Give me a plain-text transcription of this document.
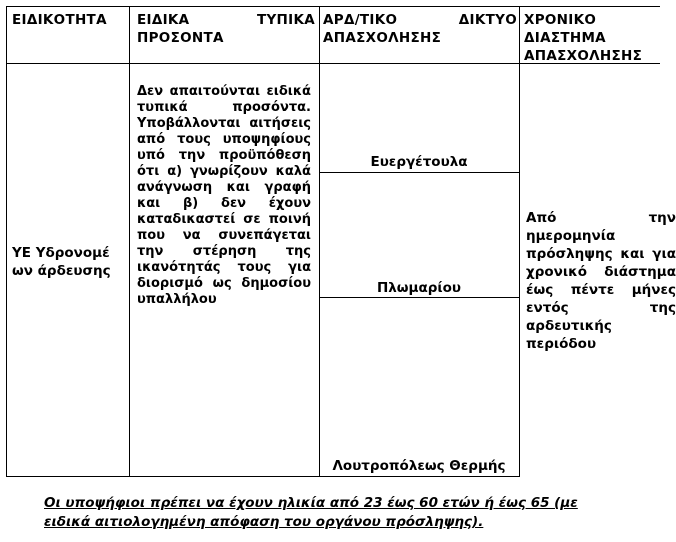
ΕΙΔΙΚΟΤΗΤΑ	ΕΙΔΙΚΑ ΤΥΠΙΚΑ ΠΡΟΣΟΝΤΑ
ΑΡΔ/ΤΙΚΟ ΔΙΚΤΥΟ ΑΠΑΣΧΟΛΗΣΗΣ
ΧΡΟΝΙΚΟ ΔΙΑΣΤΗΜΑ ΑΠΑΣΧΟΛΗΣΗΣ
ΥΕ Υδρονομέων άρδευσης
Δεν απαιτούνται ειδικά τυπικά προσόντα. Υποβάλλονται αιτήσεις από τους υποψηφίους υπό την προϋπόθεση ότι α) γνωρίζουν καλά ανάγνωση και γραφή και β) δεν έχουν καταδικαστεί σε ποινή που να συνεπάγεται την στέρηση της ικανότητάς τους για διορισμό ως δημοσίου υπαλλήλου
Ευεργέτουλα
Πλωμαρίου
Λουτροπόλεως Θερμής
Από την ημερομηνία πρόσληψης και για χρονικό διάστημα έως πέντε μήνες εντός της αρδευτικής περιόδου
Οι υποψήφιοι πρέπει να έχουν ηλικία από 23 έως 60 ετών ή έως 65 (με ειδικά αιτιολογημένη απόφαση του οργάνου πρόσληψης).
